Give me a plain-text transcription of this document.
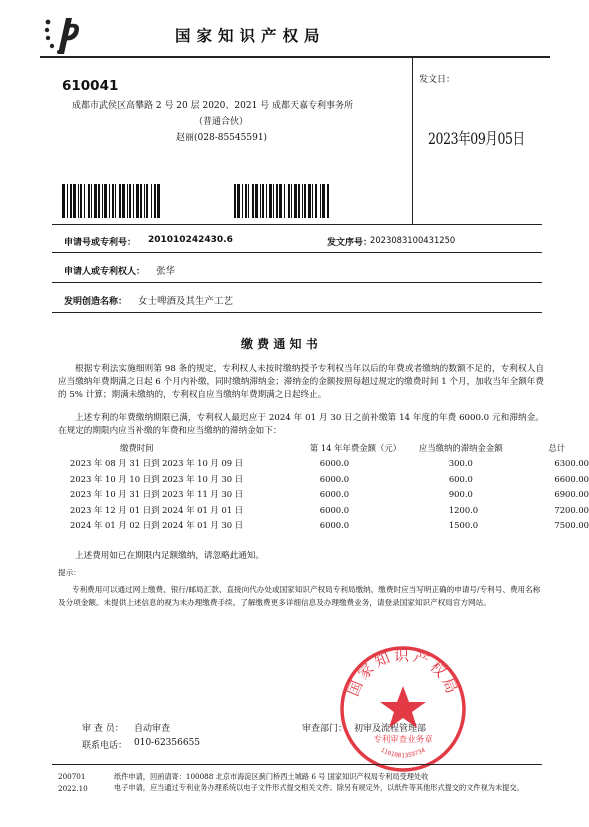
国家知识产权局
610041
成都市武侯区高攀路 2 号 20 层 2020、2021 号 成都天嘉专利事务所
（普通合伙）
赵丽(028-85545591)
发文日：
2023年09月05日
申请号或专利号： 201010242430.6	发文序号：
2023083100431250
申请人或专利权人： 张华
发明创造名称： 女士啤酒及其生产工艺
缴 费 通 知 书
根据专利法实施细则第 98 条的规定，专利权人未按时缴纳授予专利权当年以后的年费或者缴纳的数额不足的，专利权人自应当缴纳年费期满之日起 6 个月内补缴，同时缴纳滞纳金；滞纳金的金额按照每超过规定的缴费时间 1 个月，加收当年全额年费的 5% 计算；期满未缴纳的，专利权自应当缴纳年费期满之日起终止。
上述专利的年费缴纳期限已满，专利权人最迟应于 2024 年 01 月 30 日之前补缴第 14 年度的年费 6000.0 元和滞纳金。在规定的期限内应当补缴的年费和应当缴纳的滞纳金如下：
缴费时间	第 14 年年费金额（元）	应当缴纳的滞纳金金额	总计
2023 年 08 月 31 日到 2023 年 10 月 09 日	6000.0	300.0	6300.00
2023 年 10 月 10 日到 2023 年 10 月 30 日	6000.0	600.0	6600.00
2023 年 10 月 31 日到 2023 年 11 月 30 日	6000.0	900.0	6900.00
2023 年 12 月 01 日到 2024 年 01 月 01 日	6000.0	1200.0	7200.00
2024 年 01 月 02 日到 2024 年 01 月 30 日	6000.0	1500.0	7500.00
上述费用如已在期限内足额缴纳，请忽略此通知。
提示：
专利费用可以通过网上缴费、银行/邮局汇款、直接向代办处或国家知识产权局专利局缴纳。缴费时应当写明正确的申请号/专利号、费用名称及分项金额。未提供上述信息的视为未办理缴费手续。了解缴费更多详细信息及办理缴费业务，请登录国家知识产权局官方网站。
审 查 员： 自动审查
联系电话： 010-62356655
审查部门： 初审及流程管理部
国家知识产权局
专利审查业务章
1101081359734
200701
2022.10
纸件申请，回函请寄：100088 北京市海淀区蓟门桥西土城路 6 号 国家知识产权局专利局受理处收
电子申请，应当通过专利业务办理系统以电子文件形式提交相关文件。除另有规定外，以纸件等其他形式提交的文件视为未提交。
